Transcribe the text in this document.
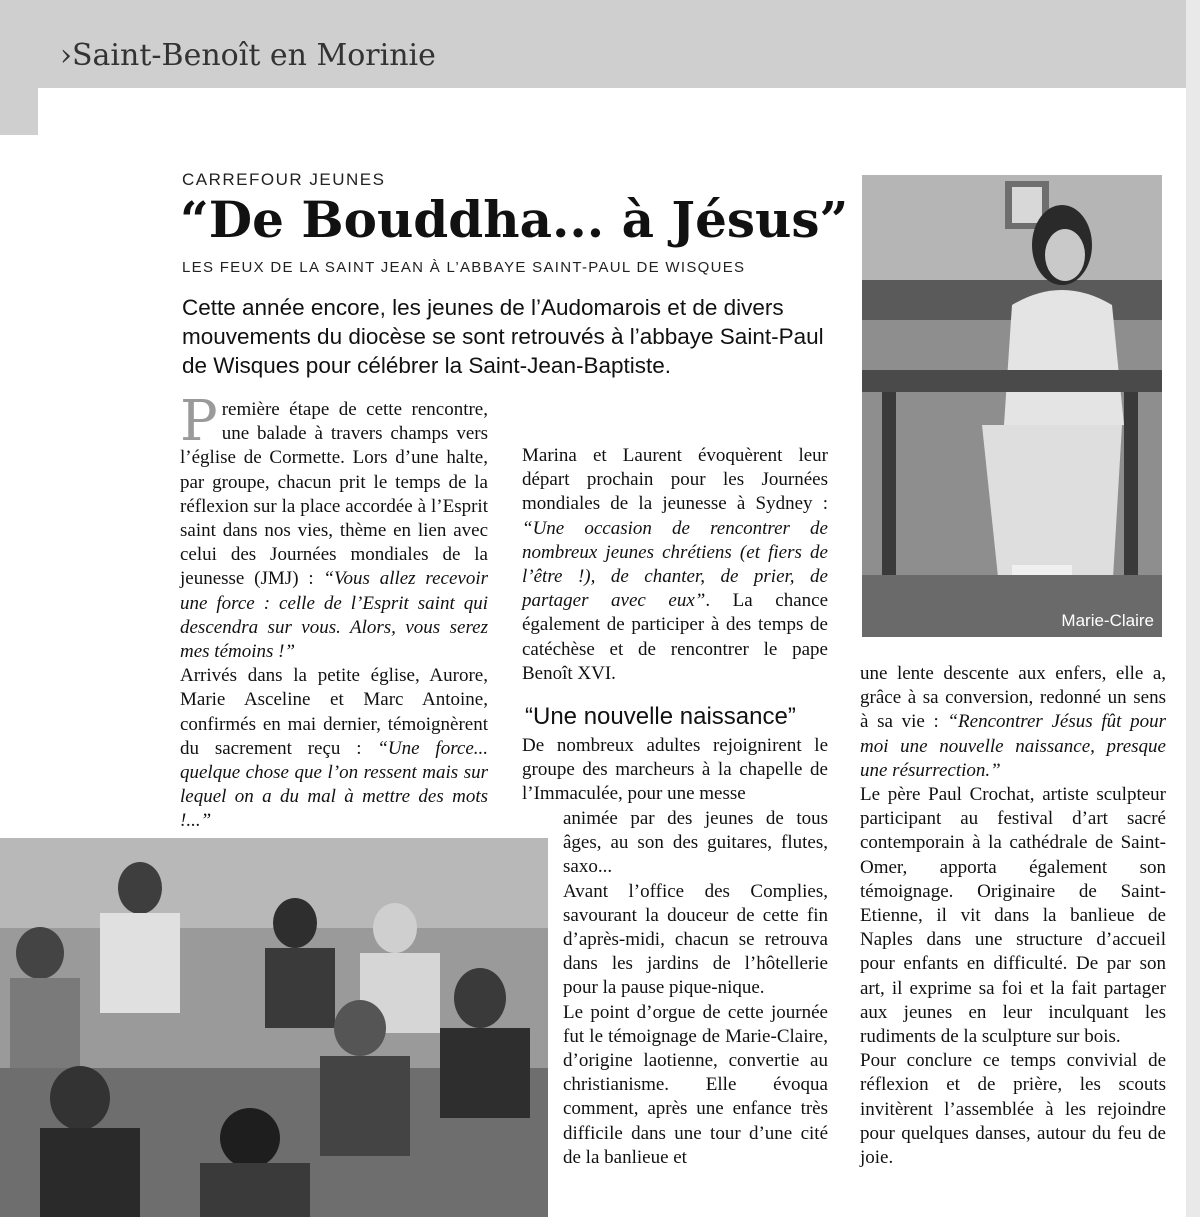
›Saint-Benoît en Morinie
CARREFOUR JEUNES
“De Bouddha... à Jésus”
LES FEUX DE LA SAINT JEAN À L’ABBAYE SAINT-PAUL DE WISQUES
Cette année encore, les jeunes de l’Audomarois et de divers mouvements du diocèse se sont retrouvés à l’abbaye Saint-Paul de Wisques pour célébrer la Saint-Jean-Baptiste.

Première étape de cette rencontre, une balade à travers champs vers l’église de Cormette. Lors d’une halte, par groupe, chacun prit le temps de la réflexion sur la place accordée à l’Esprit saint dans nos vies, thème en lien avec celui des Journées mondiales de la jeunesse (JMJ) : “Vous allez recevoir une force : celle de l’Esprit saint qui descendra sur vous. Alors, vous serez mes témoins !”

Arrivés dans la petite église, Aurore, Marie Asceline et Marc Antoine, confirmés en mai dernier, témoignèrent du sacrement reçu : “Une force... quelque chose que l’on ressent mais sur lequel on a du mal à mettre des mots !...”

Marina et Laurent évoquèrent leur départ prochain pour les Journées mondiales de la jeunesse à Sydney : “Une occasion de rencontrer de nombreux jeunes chrétiens (et fiers de l’être !), de chanter, de prier, de partager avec eux”. La chance également de participer à des temps de catéchèse et de rencontrer le pape Benoît XVI.

“Une nouvelle naissance”

De nombreux adultes rejoignirent le groupe des marcheurs à la chapelle de l’Immaculée, pour une messe

animée par des jeunes de tous âges, au son des guitares, flutes, saxo...

Avant l’office des Complies, savourant la douceur de cette fin d’après-midi, chacun se retrouva dans les jardins de l’hôtellerie pour la pause pique-nique.

Le point d’orgue de cette journée fut le témoignage de Marie-Claire, d’origine laotienne, convertie au christianisme. Elle évoqua comment, après une enfance très difficile dans une tour d’une cité de la banlieue et

une lente descente aux enfers, elle a, grâce à sa conversion, redonné un sens à sa vie : “Rencontrer Jésus fût pour moi une nouvelle naissance, presque une résurrection.”

Le père Paul Crochat, artiste sculpteur participant au festival d’art sacré contemporain à la cathédrale de Saint-Omer, apporta également son témoignage. Originaire de Saint-Etienne, il vit dans la banlieue de Naples dans une structure d’accueil pour enfants en difficulté. De par son art, il exprime sa foi et la fait partager aux jeunes en leur inculquant les rudiments de la sculpture sur bois.

Pour conclure ce temps convivial de réflexion et de prière, les scouts invitèrent l’assemblée à les rejoindre pour quelques danses, autour du feu de joie.

Marie-Claire
